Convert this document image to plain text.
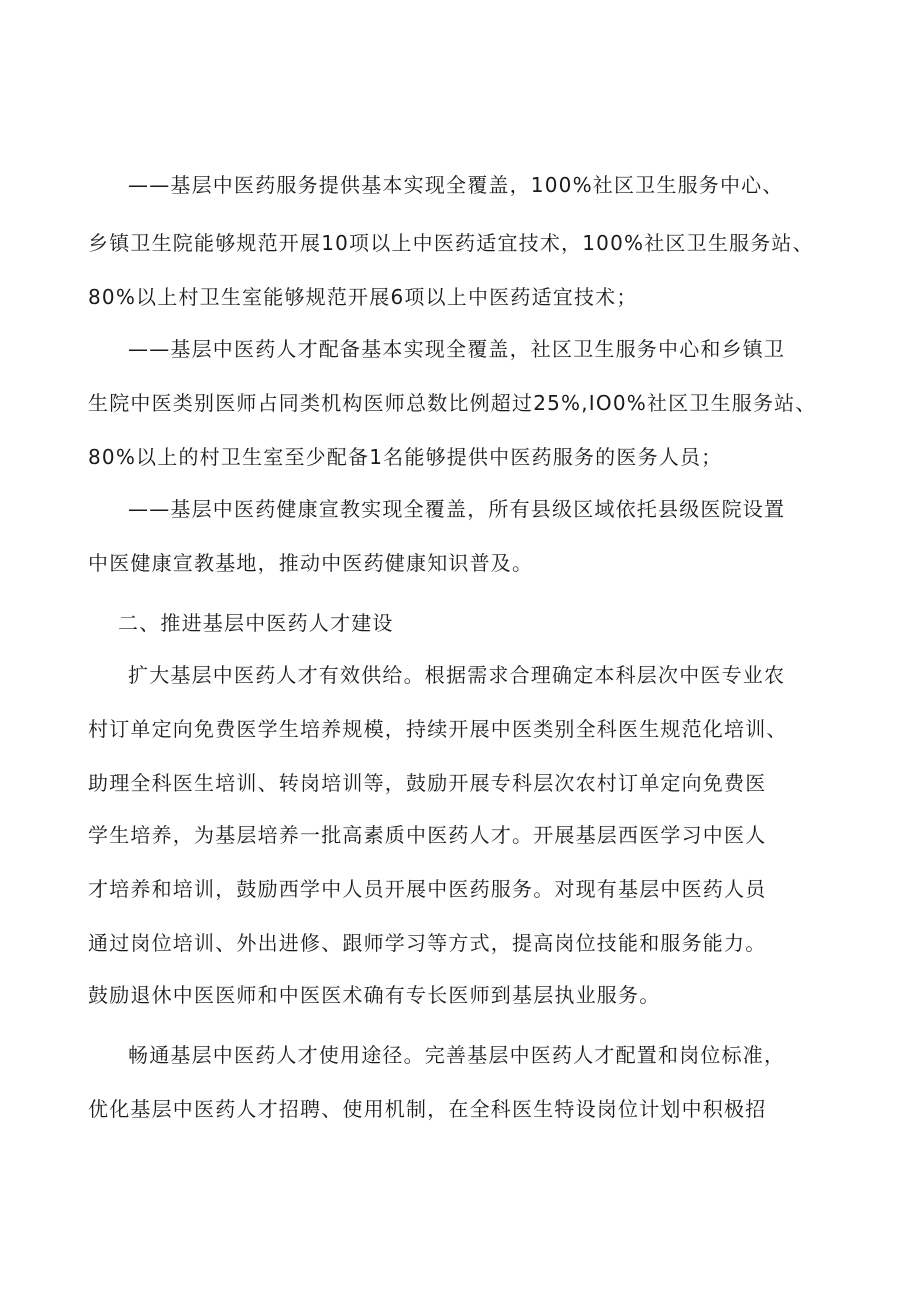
——基层中医药服务提供基本实现全覆盖，100%社区卫生服务中心、
乡镇卫生院能够规范开展10项以上中医药适宜技术，100%社区卫生服务站、
80%以上村卫生室能够规范开展6项以上中医药适宜技术；
——基层中医药人才配备基本实现全覆盖，社区卫生服务中心和乡镇卫
生院中医类别医师占同类机构医师总数比例超过25%,IO0%社区卫生服务站、
80%以上的村卫生室至少配备1名能够提供中医药服务的医务人员；
——基层中医药健康宣教实现全覆盖，所有县级区域依托县级医院设置
中医健康宣教基地，推动中医药健康知识普及。
二、推进基层中医药人才建设
扩大基层中医药人才有效供给。根据需求合理确定本科层次中医专业农
村订单定向免费医学生培养规模，持续开展中医类别全科医生规范化培训、
助理全科医生培训、转岗培训等，鼓励开展专科层次农村订单定向免费医
学生培养，为基层培养一批高素质中医药人才。开展基层西医学习中医人
才培养和培训，鼓励西学中人员开展中医药服务。对现有基层中医药人员
通过岗位培训、外出进修、跟师学习等方式，提高岗位技能和服务能力。
鼓励退休中医医师和中医医术确有专长医师到基层执业服务。
畅通基层中医药人才使用途径。完善基层中医药人才配置和岗位标准，
优化基层中医药人才招聘、使用机制，在全科医生特设岗位计划中积极招
